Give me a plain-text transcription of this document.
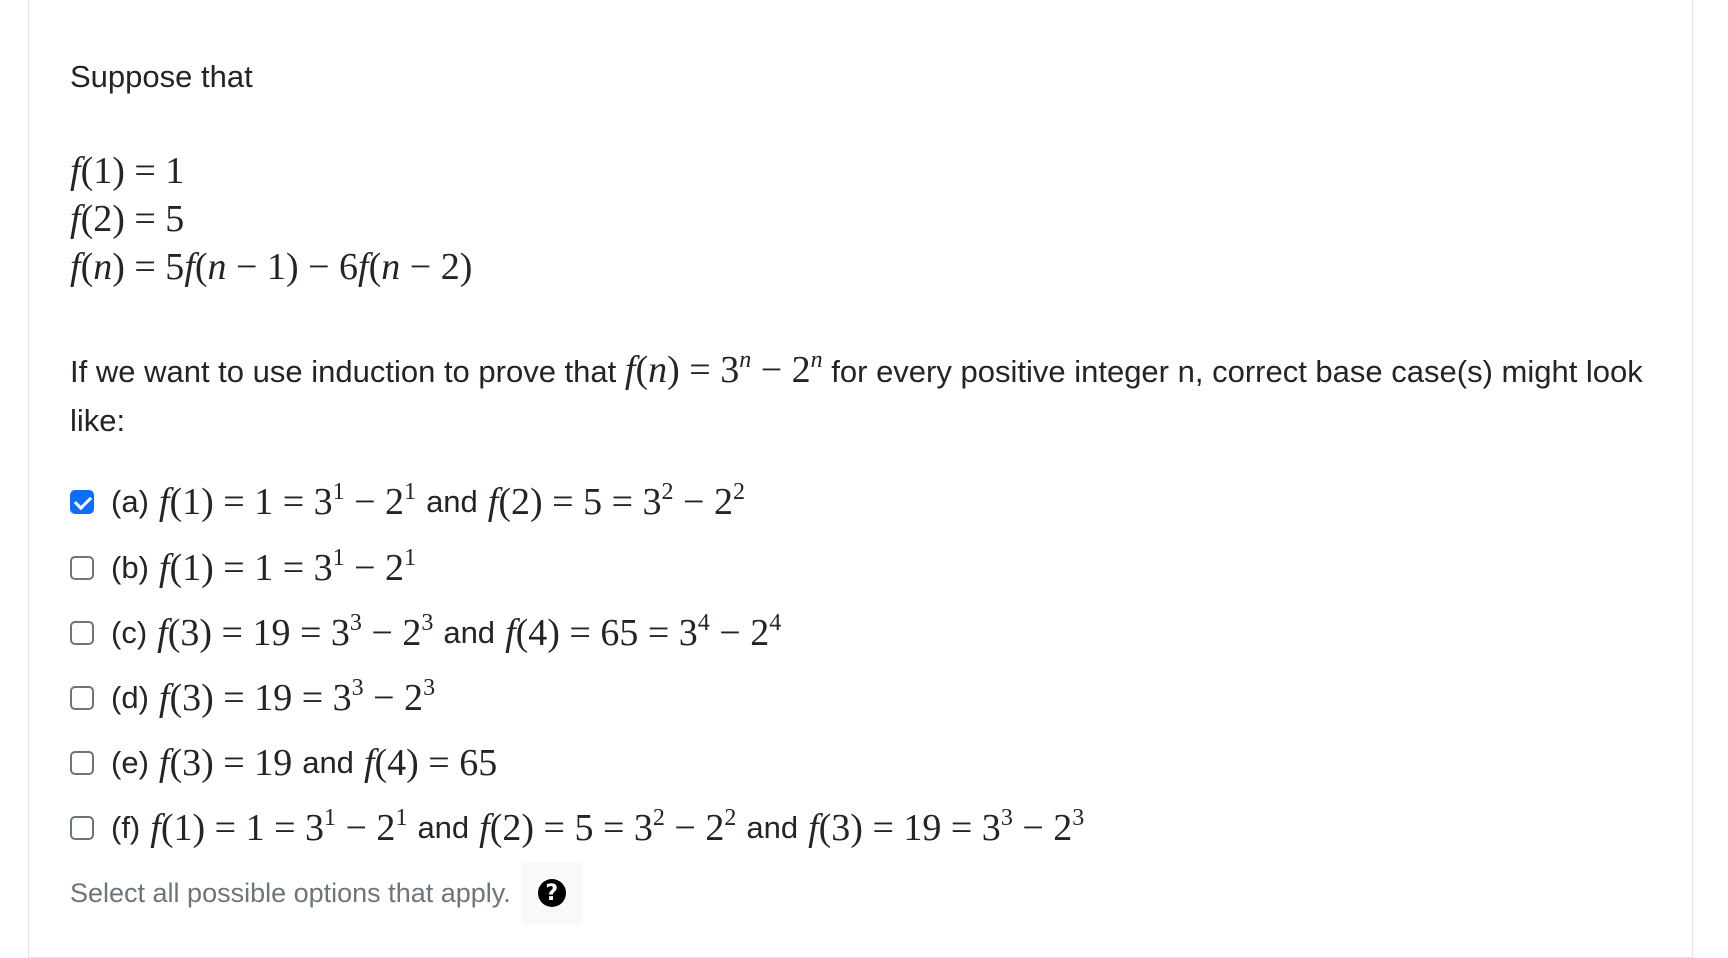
Suppose that
f(1) = 1
f(2) = 5
f(n) = 5f(n − 1) − 6f(n − 2)
If we want to use induction to prove that $f(n) = 3^n - 2^n$ for every positive integer n, correct base case(s) might look like:
(a) $f(1) = 1 = 3^1 - 2^1$ and $f(2) = 5 = 3^2 - 2^2$
(b) $f(1) = 1 = 3^1 - 2^1$
(c) $f(3) = 19 = 3^3 - 2^3$ and $f(4) = 65 = 3^4 - 2^4$
(d) $f(3) = 19 = 3^3 - 2^3$
(e) f(3) = 19 and f(4) = 65
(f) $f(1) = 1 = 3^1 - 2^1$ and $f(2) = 5 = 3^2 - 2^2$ and $f(3) = 19 = 3^3 - 2^3$
Select all possible options that apply.	?
